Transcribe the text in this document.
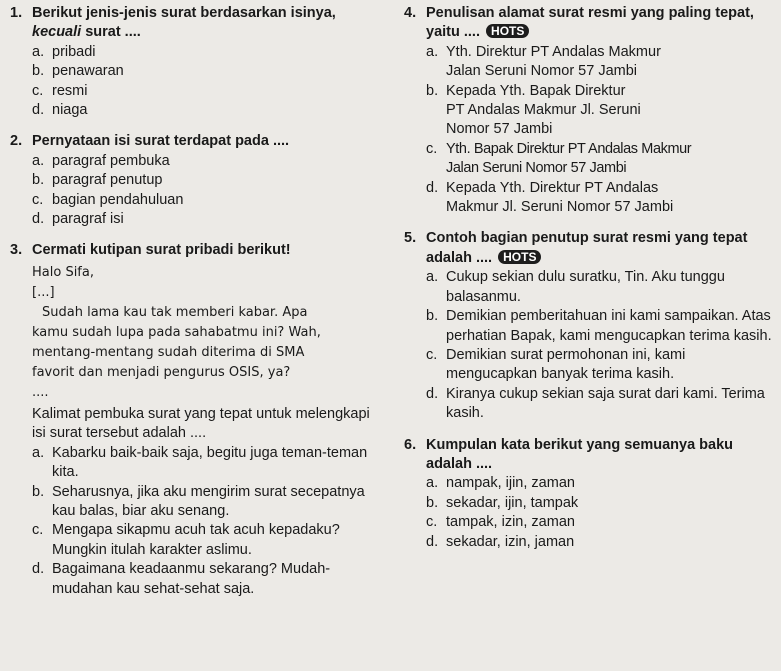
1. Berikut jenis-jenis surat berdasarkan isinya, kecuali surat ....
a. pribadi
b. penawaran
c. resmi
d. niaga
2. Pernyataan isi surat terdapat pada ....
a. paragraf pembuka
b. paragraf penutup
c. bagian pendahuluan
d. paragraf isi
3. Cermati kutipan surat pribadi berikut!
Halo Sifa,
[...]
Sudah lama kau tak memberi kabar. Apa
kamu sudah lupa pada sahabatmu ini? Wah,
mentang-mentang sudah diterima di SMA
favorit dan menjadi pengurus OSIS, ya?
....
Kalimat pembuka surat yang tepat untuk melengkapi isi surat tersebut adalah ....
a. Kabarku baik-baik saja, begitu juga teman-teman kita.
b. Seharusnya, jika aku mengirim surat secepatnya kau balas, biar aku senang.
c. Mengapa sikapmu acuh tak acuh kepadaku? Mungkin itulah karakter aslimu.
d. Bagaimana keadaanmu sekarang? Mudah-mudahan kau sehat-sehat saja.
4. Penulisan alamat surat resmi yang paling tepat, yaitu .... HOTS
a. Yth. Direktur PT Andalas Makmur
Jalan Seruni Nomor 57 Jambi
b. Kepada Yth. Bapak Direktur
PT Andalas Makmur Jl. Seruni
Nomor 57 Jambi
c. Yth. Bapak Direktur PT Andalas Makmur
Jalan Seruni Nomor 57 Jambi
d. Kepada Yth. Direktur PT Andalas
Makmur Jl. Seruni Nomor 57 Jambi
5. Contoh bagian penutup surat resmi yang tepat adalah .... HOTS
a. Cukup sekian dulu suratku, Tin. Aku tunggu balasanmu.
b. Demikian pemberitahuan ini kami sampaikan. Atas perhatian Bapak, kami mengucapkan terima kasih.
c. Demikian surat permohonan ini, kami mengucapkan banyak terima kasih.
d. Kiranya cukup sekian saja surat dari kami. Terima kasih.
6. Kumpulan kata berikut yang semuanya baku adalah ....
a. nampak, ijin, zaman
b. sekadar, ijin, tampak
c. tampak, izin, zaman
d. sekadar, izin, jaman
